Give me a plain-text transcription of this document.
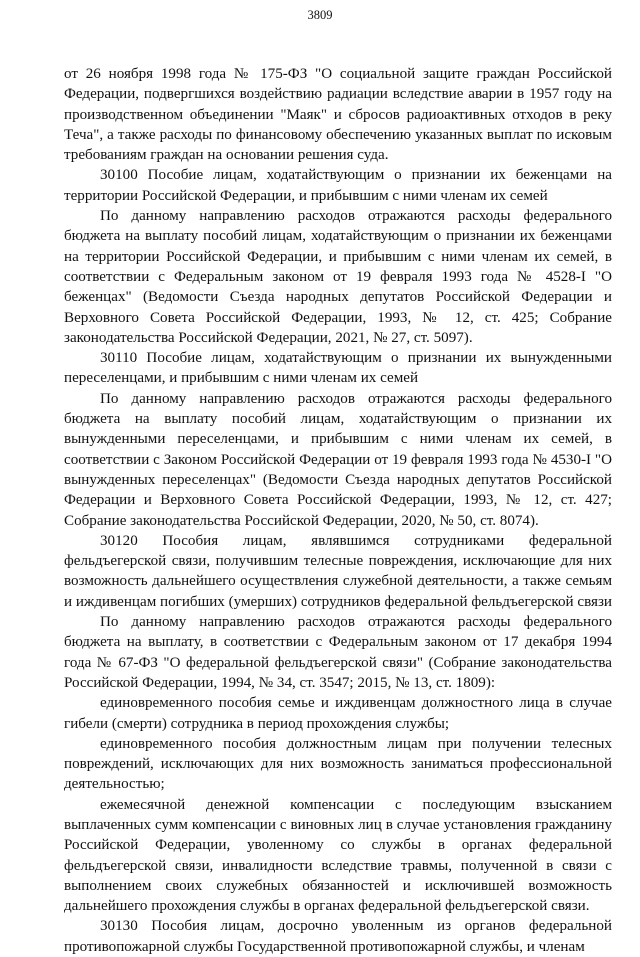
3809

от 26 ноября 1998 года № 175-ФЗ "О социальной защите граждан Российской Федерации, подвергшихся воздействию радиации вследствие аварии в 1957 году на производственном объединении "Маяк" и сбросов радиоактивных отходов в реку Теча", а также расходы по финансовому обеспечению указанных выплат по исковым требованиям граждан на основании решения суда.

30100 Пособие лицам, ходатайствующим о признании их беженцами на территории Российской Федерации, и прибывшим с ними членам их семей

По данному направлению расходов отражаются расходы федерального бюджета на выплату пособий лицам, ходатайствующим о признании их беженцами на территории Российской Федерации, и прибывшим с ними членам их семей, в соответствии с Федеральным законом от 19 февраля 1993 года № 4528-I "О беженцах" (Ведомости Съезда народных депутатов Российской Федерации и Верховного Совета Российской Федерации, 1993, № 12, ст. 425; Собрание законодательства Российской Федерации, 2021, № 27, ст. 5097).

30110 Пособие лицам, ходатайствующим о признании их вынужденными переселенцами, и прибывшим с ними членам их семей

По данному направлению расходов отражаются расходы федерального бюджета на выплату пособий лицам, ходатайствующим о признании их вынужденными переселенцами, и прибывшим с ними членам их семей, в соответствии с Законом Российской Федерации от 19 февраля 1993 года № 4530-I "О вынужденных переселенцах" (Ведомости Съезда народных депутатов Российской Федерации и Верховного Совета Российской Федерации, 1993, № 12, ст. 427; Собрание законодательства Российской Федерации, 2020, № 50, ст. 8074).

30120 Пособия лицам, являвшимся сотрудниками федеральной фельдъегерской связи, получившим телесные повреждения, исключающие для них возможность дальнейшего осуществления служебной деятельности, а также семьям и иждивенцам погибших (умерших) сотрудников федеральной фельдъегерской связи

По данному направлению расходов отражаются расходы федерального бюджета на выплату, в соответствии с Федеральным законом от 17 декабря 1994 года № 67-ФЗ "О федеральной фельдъегерской связи" (Собрание законодательства Российской Федерации, 1994, № 34, ст. 3547; 2015, № 13, ст. 1809):

единовременного пособия семье и иждивенцам должностного лица в случае гибели (смерти) сотрудника в период прохождения службы;

единовременного пособия должностным лицам при получении телесных повреждений, исключающих для них возможность заниматься профессиональной деятельностью;

ежемесячной денежной компенсации с последующим взысканием выплаченных сумм компенсации с виновных лиц в случае установления гражданину Российской Федерации, уволенному со службы в органах федеральной фельдъегерской связи, инвалидности вследствие травмы, полученной в связи с выполнением своих служебных обязанностей и исключившей возможность дальнейшего прохождения службы в органах федеральной фельдъегерской связи.

30130 Пособия лицам, досрочно уволенным из органов федеральной противопожарной службы Государственной противопожарной службы, и членам
